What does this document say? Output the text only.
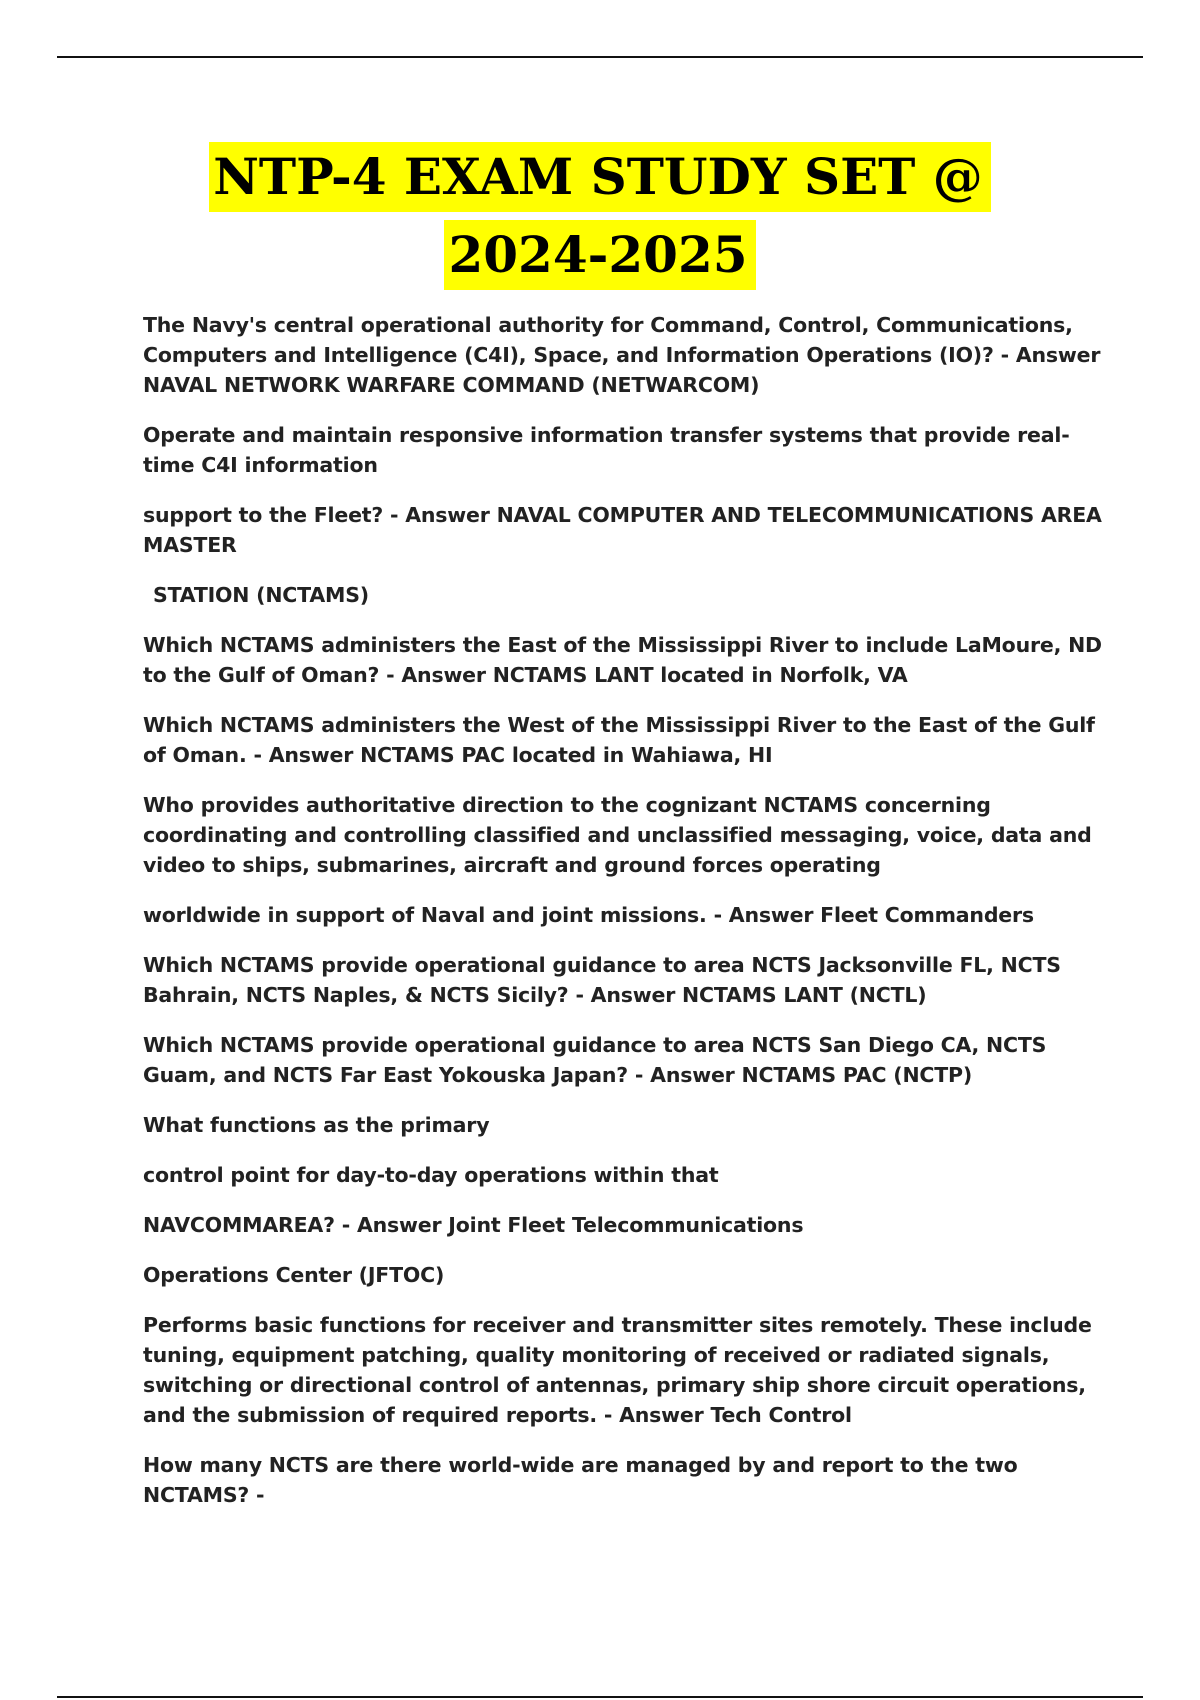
NTP-4 EXAM STUDY SET @
2024-2025

The Navy's central operational authority for Command, Control, Communications, Computers and Intelligence (C4I), Space, and Information Operations (IO)? - Answer NAVAL NETWORK WARFARE COMMAND (NETWARCOM)

Operate and maintain responsive information transfer systems that provide real-time C4I information

support to the Fleet? - Answer NAVAL COMPUTER AND TELECOMMUNICATIONS AREA MASTER

STATION (NCTAMS)

Which NCTAMS administers the East of the Mississippi River to include LaMoure, ND to the Gulf of Oman? - Answer NCTAMS LANT located in Norfolk, VA

Which NCTAMS administers the West of the Mississippi River to the East of the Gulf of Oman. - Answer NCTAMS PAC located in Wahiawa, HI

Who provides authoritative direction to the cognizant NCTAMS concerning coordinating and controlling classified and unclassified messaging, voice, data and video to ships, submarines, aircraft and ground forces operating

worldwide in support of Naval and joint missions. - Answer Fleet Commanders

Which NCTAMS provide operational guidance to area NCTS Jacksonville FL, NCTS Bahrain, NCTS Naples, & NCTS Sicily? - Answer NCTAMS LANT (NCTL)

Which NCTAMS provide operational guidance to area NCTS San Diego CA, NCTS Guam, and NCTS Far East Yokouska Japan? - Answer NCTAMS PAC (NCTP)

What functions as the primary

control point for day-to-day operations within that

NAVCOMMAREA? - Answer Joint Fleet Telecommunications

Operations Center (JFTOC)

Performs basic functions for receiver and transmitter sites remotely. These include tuning, equipment patching, quality monitoring of received or radiated signals, switching or directional control of antennas, primary ship shore circuit operations, and the submission of required reports. - Answer Tech Control

How many NCTS are there world-wide are managed by and report to the two NCTAMS? -
